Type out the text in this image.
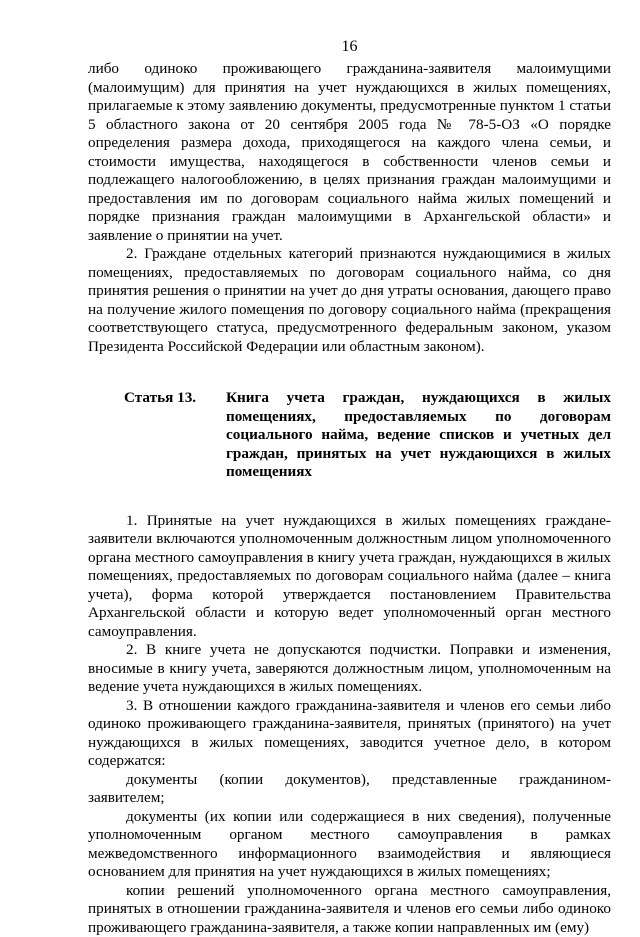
16

либо одиноко проживающего гражданина-заявителя малоимущими (малоимущим) для принятия на учет нуждающихся в жилых помещениях, прилагаемые к этому заявлению документы, предусмотренные пунктом 1 статьи 5 областного закона от 20 сентября 2005 года № 78-5-ОЗ «О порядке определения размера дохода, приходящегося на каждого члена семьи, и стоимости имущества, находящегося в собственности членов семьи и подлежащего налогообложению, в целях признания граждан малоимущими и предоставления им по договорам социального найма жилых помещений и порядке признания граждан малоимущими в Архангельской области» и заявление о принятии на учет.

2. Граждане отдельных категорий признаются нуждающимися в жилых помещениях, предоставляемых по договорам социального найма, со дня принятия решения о принятии на учет до дня утраты основания, дающего право на получение жилого помещения по договору социального найма (прекращения соответствующего статуса, предусмотренного федеральным законом, указом Президента Российской Федерации или областным законом).

Статья 13.	Книга учета граждан, нуждающихся в жилых помещениях, предоставляемых по договорам социального найма, ведение списков и учетных дел граждан, принятых на учет нуждающихся в жилых помещениях

1. Принятые на учет нуждающихся в жилых помещениях граждане-заявители включаются уполномоченным должностным лицом уполномоченного органа местного самоуправления в книгу учета граждан, нуждающихся в жилых помещениях, предоставляемых по договорам социального найма (далее – книга учета), форма которой утверждается постановлением Правительства Архангельской области и которую ведет уполномоченный орган местного самоуправления.

2. В книге учета не допускаются подчистки. Поправки и изменения, вносимые в книгу учета, заверяются должностным лицом, уполномоченным на ведение учета нуждающихся в жилых помещениях.

3. В отношении каждого гражданина-заявителя и членов его семьи либо одиноко проживающего гражданина-заявителя, принятых (принятого) на учет нуждающихся в жилых помещениях, заводится учетное дело, в котором содержатся:

документы (копии документов), представленные гражданином-заявителем;

документы (их копии или содержащиеся в них сведения), полученные уполномоченным органом местного самоуправления в рамках межведомственного информационного взаимодействия и являющиеся основанием для принятия на учет нуждающихся в жилых помещениях;

копии решений уполномоченного органа местного самоуправления, принятых в отношении гражданина-заявителя и членов его семьи либо одиноко проживающего гражданина-заявителя, а также копии направленных им (ему)
